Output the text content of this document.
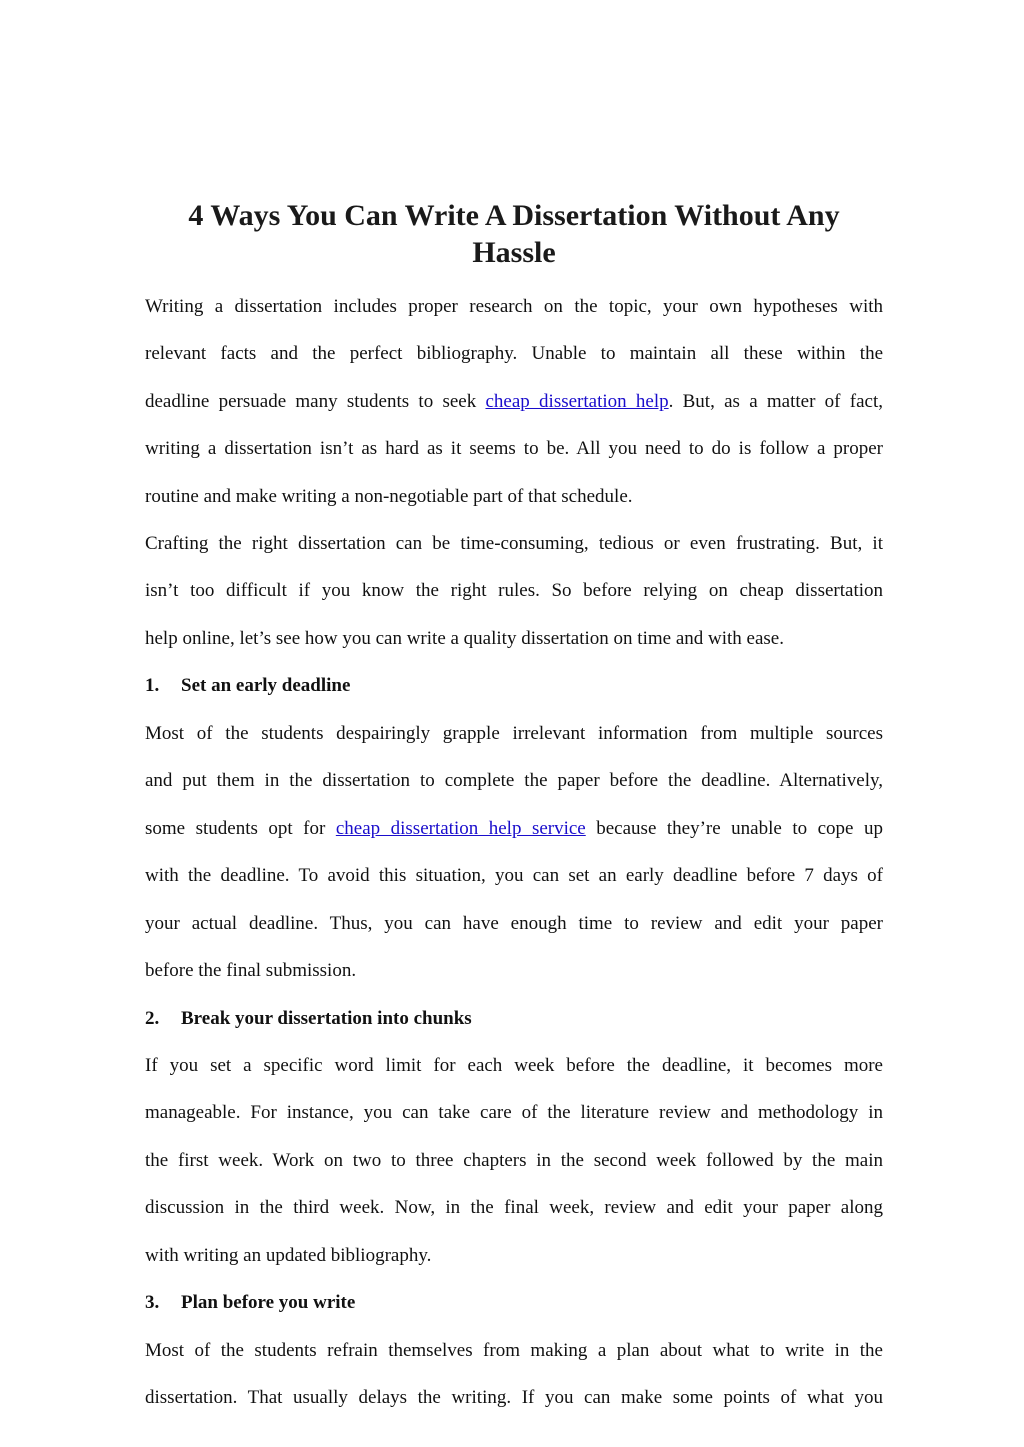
4 Ways You Can Write A Dissertation Without Any
Hassle
Writing a dissertation includes proper research on the topic, your own hypotheses with
relevant facts and the perfect bibliography. Unable to maintain all these within the
deadline persuade many students to seek cheap dissertation help. But, as a matter of fact,
writing a dissertation isn’t as hard as it seems to be. All you need to do is follow a proper
routine and make writing a non-negotiable part of that schedule.
Crafting the right dissertation can be time-consuming, tedious or even frustrating. But, it
isn’t too difficult if you know the right rules. So before relying on cheap dissertation
help online, let’s see how you can write a quality dissertation on time and with ease.
1. Set an early deadline
Most of the students despairingly grapple irrelevant information from multiple sources
and put them in the dissertation to complete the paper before the deadline. Alternatively,
some students opt for cheap dissertation help service because they’re unable to cope up
with the deadline. To avoid this situation, you can set an early deadline before 7 days of
your actual deadline. Thus, you can have enough time to review and edit your paper
before the final submission.
2. Break your dissertation into chunks
If you set a specific word limit for each week before the deadline, it becomes more
manageable. For instance, you can take care of the literature review and methodology in
the first week. Work on two to three chapters in the second week followed by the main
discussion in the third week. Now, in the final week, review and edit your paper along
with writing an updated bibliography.
3. Plan before you write
Most of the students refrain themselves from making a plan about what to write in the
dissertation. That usually delays the writing. If you can make some points of what you
